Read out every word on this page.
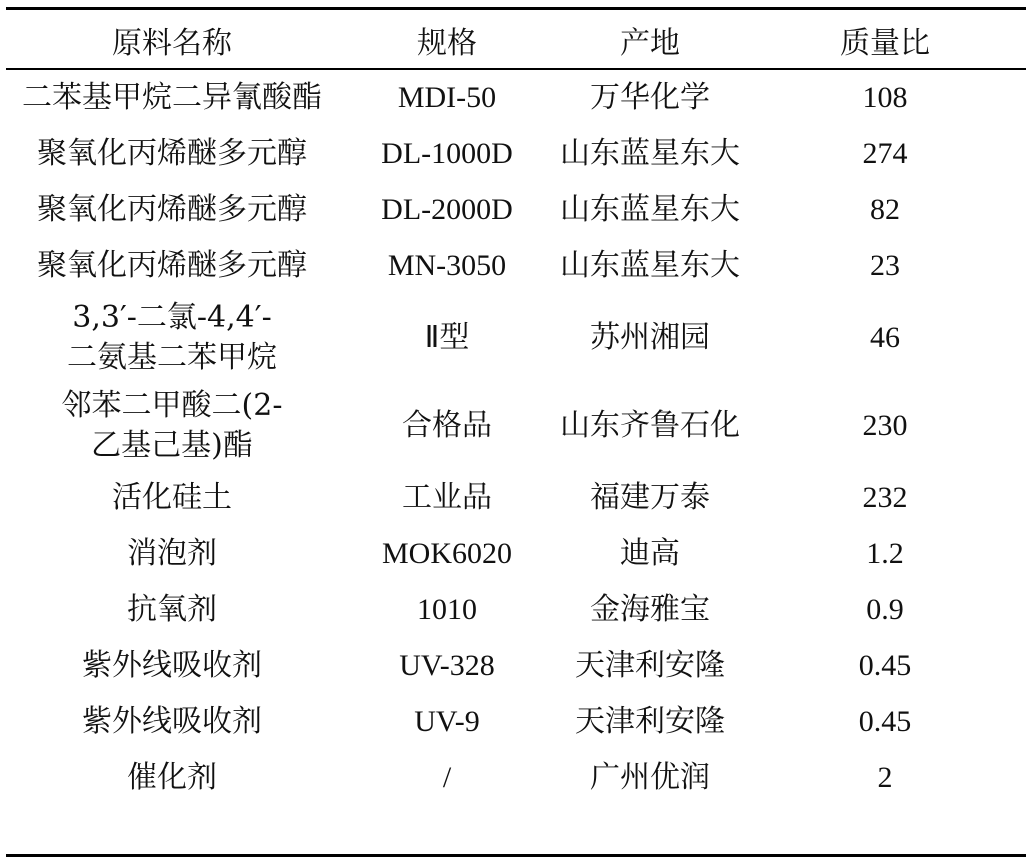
原料名称	规格	产地	质量比
二苯基甲烷二异氰酸酯	MDI-50	万华化学	108
聚氧化丙烯醚多元醇	DL-1000D	山东蓝星东大	274
聚氧化丙烯醚多元醇	DL-2000D	山东蓝星东大	82
聚氧化丙烯醚多元醇	MN-3050	山东蓝星东大	23
3,3′-二氯-4,4′-
二氨基二苯甲烷	Ⅱ型	苏州湘园	46
邻苯二甲酸二(2-
乙基己基)酯	合格品	山东齐鲁石化	230
活化硅土	工业品	福建万泰	232
消泡剂	MOK6020	迪高	1.2
抗氧剂	1010	金海雅宝	0.9
紫外线吸收剂	UV-328	天津利安隆	0.45
紫外线吸收剂	UV-9	天津利安隆	0.45
催化剂	/	广州优润	2
